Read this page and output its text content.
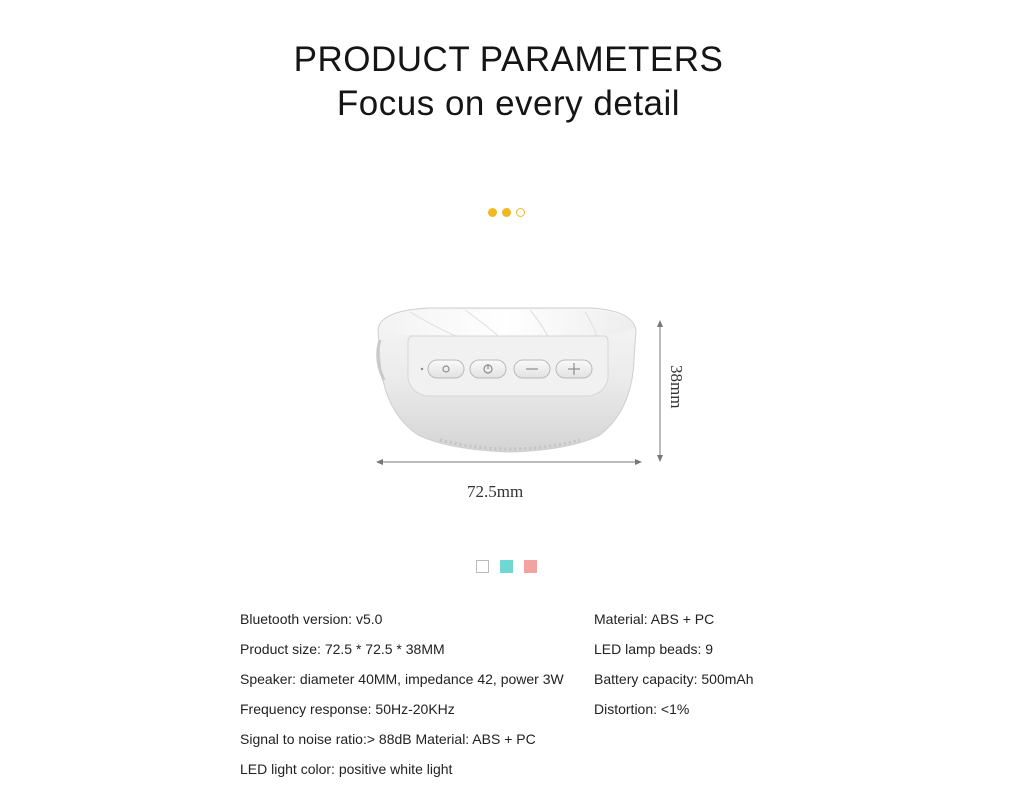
PRODUCT PARAMETERS
Focus on every detail
72.5mm
38mm
Bluetooth version: v5.0	Material: ABS + PC
Product size: 72.5 * 72.5 * 38MM	LED lamp beads: 9
Speaker: diameter 40MM, impedance 42, power 3W	Battery capacity: 500mAh
Frequency response: 50Hz-20KHz	Distortion: <1%
Signal to noise ratio:> 88dB Material: ABS + PC
LED light color: positive white light
